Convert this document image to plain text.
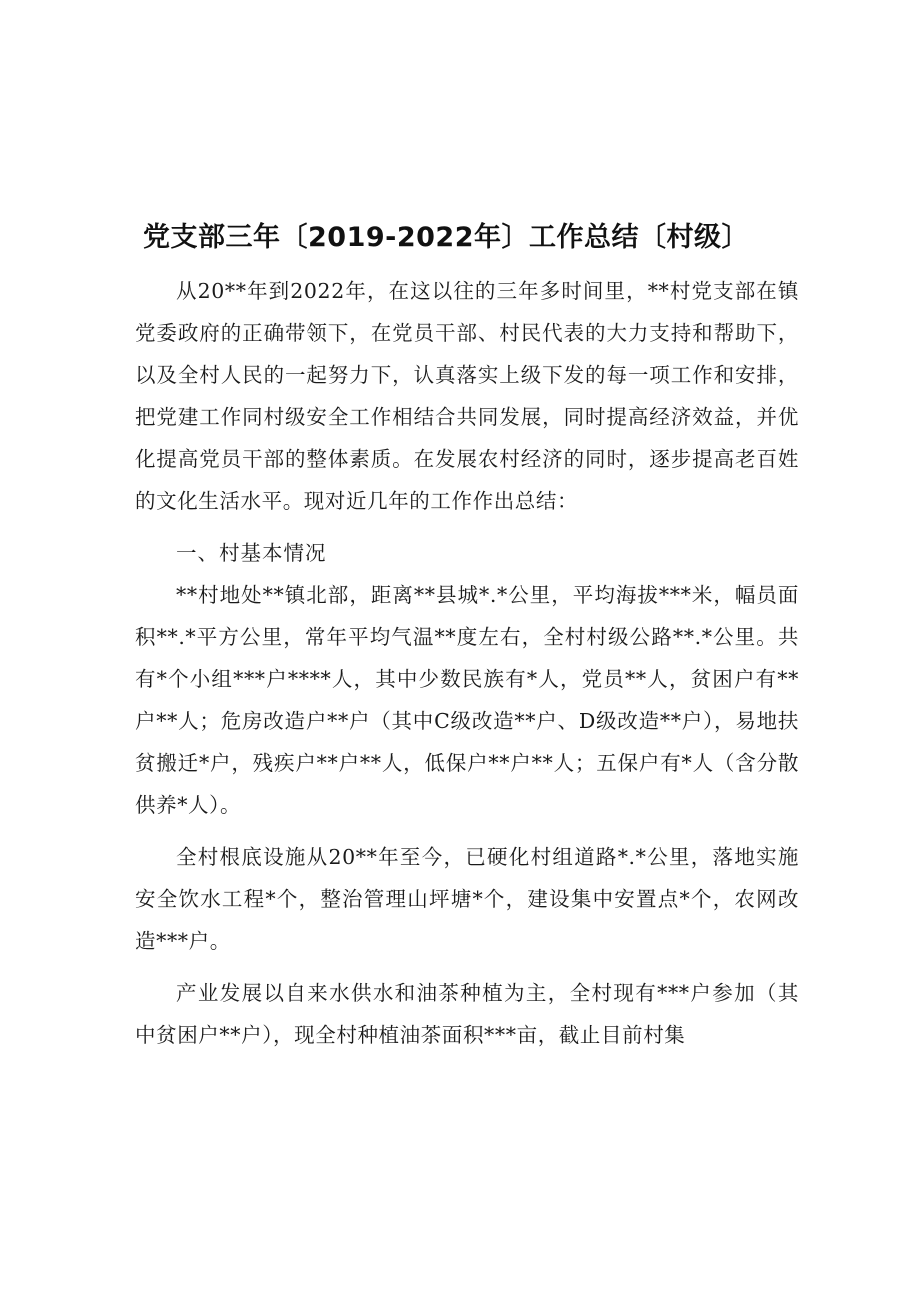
党支部三年〔2019-2022年〕工作总结〔村级〕

从20**年到2022年，在这以往的三年多时间里，**村党支部在镇党委政府的正确带领下，在党员干部、村民代表的大力支持和帮助下，以及全村人民的一起努力下，认真落实上级下发的每一项工作和安排，把党建工作同村级安全工作相结合共同发展，同时提高经济效益，并优化提高党员干部的整体素质。在发展农村经济的同时，逐步提高老百姓的文化生活水平。现对近几年的工作作出总结：

一、村基本情况

**村地处**镇北部，距离**县城*.*公里，平均海拔***米，幅员面积**.*平方公里，常年平均气温**度左右，全村村级公路**.*公里。共有*个小组***户****人，其中少数民族有*人，党员**人，贫困户有**户**人；危房改造户**户（其中C级改造**户、D级改造**户），易地扶贫搬迁*户，残疾户**户**人，低保户**户**人；五保户有*人（含分散供养*人）。

全村根底设施从20**年至今，已硬化村组道路*.*公里，落地实施安全饮水工程*个，整治管理山坪塘*个，建设集中安置点*个，农网改造***户。

产业发展以自来水供水和油茶种植为主，全村现有***户参加（其中贫困户**户），现全村种植油茶面积***亩，截止目前村集
